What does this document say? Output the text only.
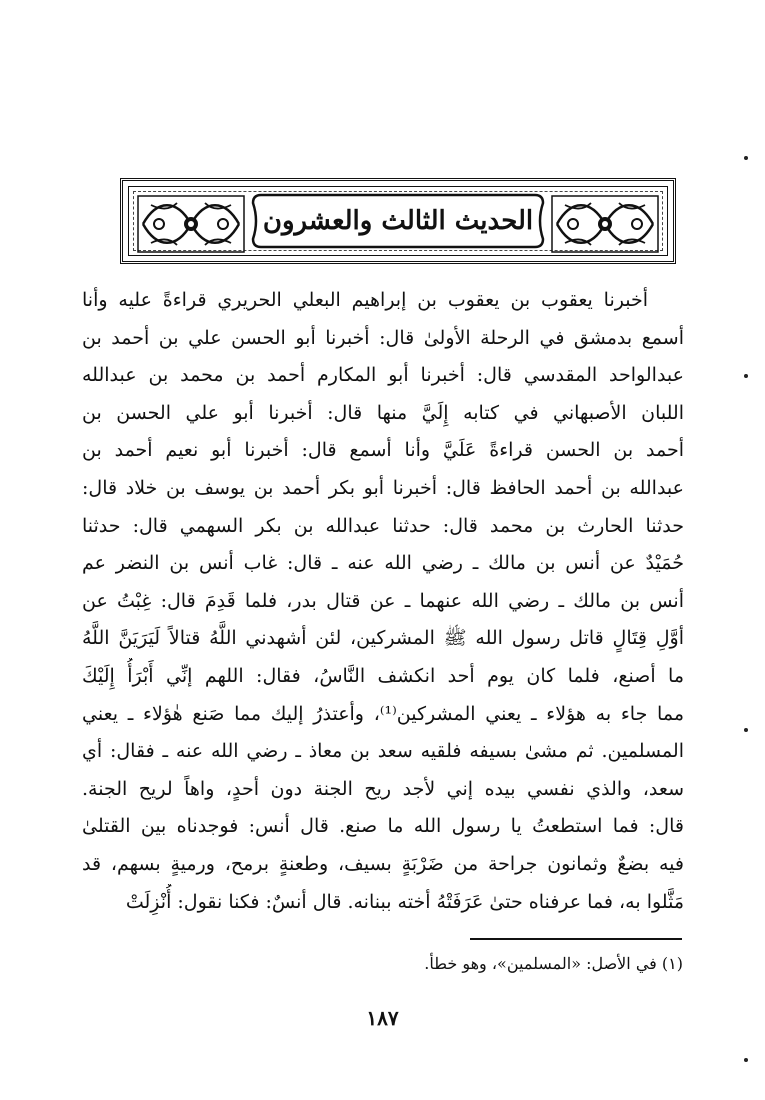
الحديث الثالث والعشرون
أخبرنا يعقوب بن يعقوب بن إبراهيم البعلي الحريري قراءةً عليه وأنا
أسمع بدمشق في الرحلة الأولىٰ قال: أخبرنا أبو الحسن علي بن أحمد بن
عبدالواحد المقدسي قال: أخبرنا أبو المكارم أحمد بن محمد بن عبدالله
اللبان الأصبهاني في كتابه إِلَيَّ منها قال: أخبرنا أبو علي الحسن بن
أحمد بن الحسن قراءةً عَلَيَّ وأنا أسمع قال: أخبرنا أبو نعيم أحمد بن
عبدالله بن أحمد الحافظ قال: أخبرنا أبو بكر أحمد بن يوسف بن خلاد قال:
حدثنا الحارث بن محمد قال: حدثنا عبدالله بن بكر السهمي قال: حدثنا
حُمَيْدٌ عن أنس بن مالك ـ رضي الله عنه ـ قال: غاب أنس بن النضر عم
أنس بن مالك ـ رضي الله عنهما ـ عن قتال بدر، فلما قَدِمَ قال: غِبْتُ عن
أوَّلِ قِتَالٍ قاتل رسول الله ﷺ المشركين، لئن أشهدني اللَّهُ قتالاً لَيَرَيَنَّ اللَّهُ
ما أصنع، فلما كان يوم أحد انكشف النَّاسُ، فقال: اللهم إنِّي أَبْرَأُ إِلَيْكَ
مما جاء به هؤلاء ـ يعني المشركين⁽¹⁾، وأعتذرُ إليك مما صَنع هٰؤلاء ـ يعني
المسلمين. ثم مشىٰ بسيفه فلقيه سعد بن معاذ ـ رضي الله عنه ـ فقال: أي
سعد، والذي نفسي بيده إني لأجد ريح الجنة دون أحدٍ، واهاً لريح الجنة.
قال: فما استطعتُ يا رسول الله ما صنع. قال أنس: فوجدناه بين القتلىٰ
فيه بضعٌ وثمانون جراحة من ضَرْبَةٍ بسيف، وطعنةٍ برمح، ورميةٍ بسهم، قد
مَثَّلوا به، فما عرفناه حتىٰ عَرَفَتْهُ أخته ببنانه. قال أنسٌ: فكنا نقول: أُنْزِلَتْ
(١) في الأصل: «المسلمين»، وهو خطأ.
١٨٧
